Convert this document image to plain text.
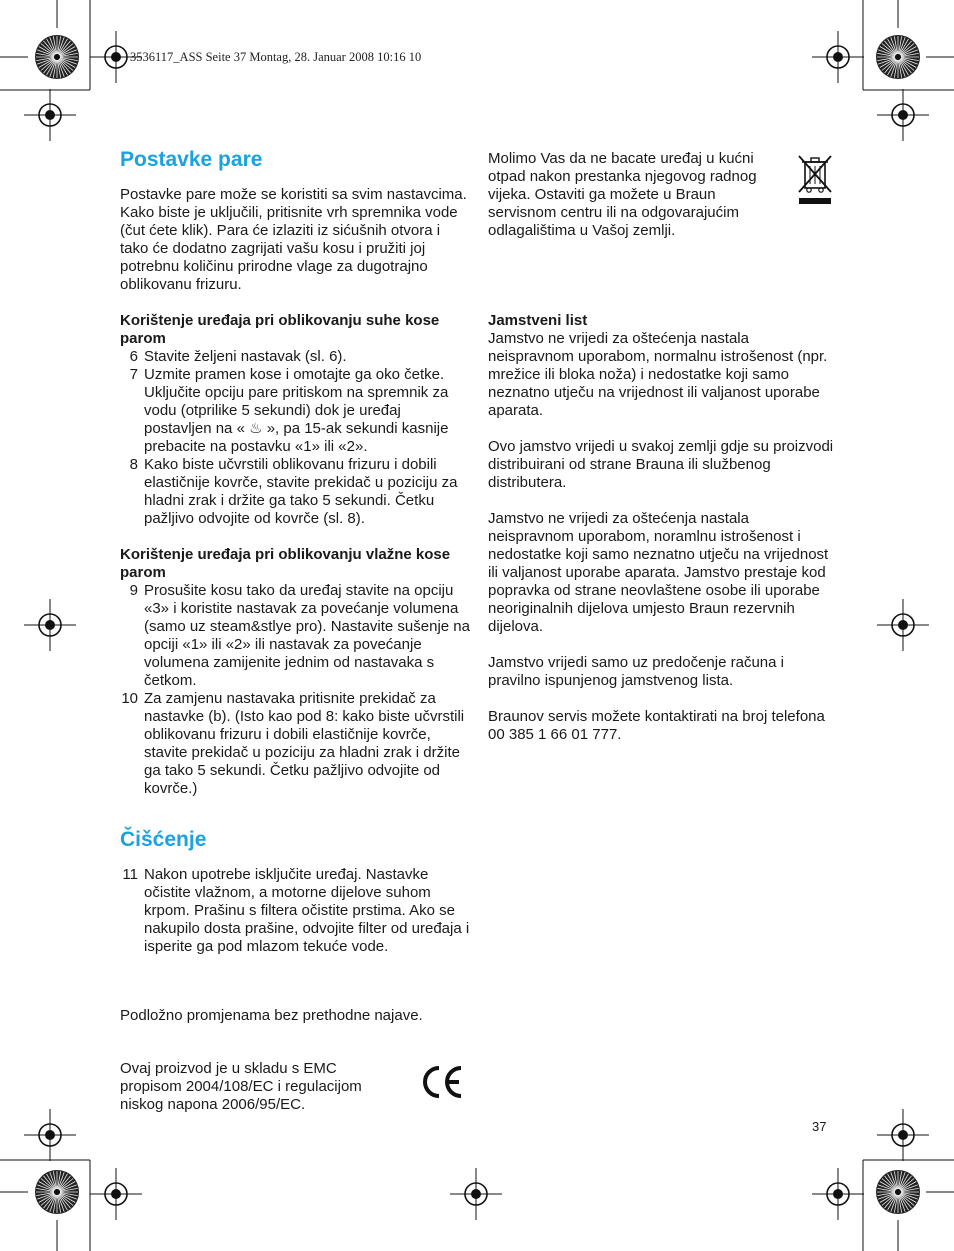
3536117_ASS Seite 37 Montag, 28. Januar 2008 10:16 10
Postavke pare

Postavke pare može se koristiti sa svim nastavcima. Kako biste je uključili, pritisnite vrh spremnika vode (čut ćete klik). Para će izlaziti iz sićušnih otvora i tako će dodatno zagrijati vašu kosu i pružiti joj potrebnu količinu prirodne vlage za dugotrajno oblikovanu frizuru.

Korištenje uređaja pri oblikovanju suhe kose parom

6 Stavite željeni nastavak (sl. 6).
7 Uzmite pramen kose i omotajte ga oko četke. Uključite opciju pare pritiskom na spremnik za vodu (otprilike 5 sekundi) dok je uređaj postavljen na « ♨ », pa 15-ak sekundi kasnije prebacite na postavku «1» ili «2».
8 Kako biste učvrstili oblikovanu frizuru i dobili elastičnije kovrče, stavite prekidač u poziciju za hladni zrak i držite ga tako 5 sekundi. Četku pažljivo odvojite od kovrče (sl. 8).

Korištenje uređaja pri oblikovanju vlažne kose parom

9 Prosušite kosu tako da uređaj stavite na opciju «3» i koristite nastavak za povećanje volumena (samo uz steam&stlye pro). Nastavite sušenje na opciji «1» ili «2» ili nastavak za povećanje volumena zamijenite jednim od nastavaka s četkom.
10 Za zamjenu nastavaka pritisnite prekidač za nastavke (b). (Isto kao pod 8: kako biste učvrstili oblikovanu frizuru i dobili elastičnije kovrče, stavite prekidač u poziciju za hladni zrak i držite ga tako 5 sekundi. Četku pažljivo odvojite od kovrče.)
Čišćenje
11 Nakon upotrebe isključite uređaj. Nastavke očistite vlažnom, a motorne dijelove suhom krpom. Prašinu s filtera očistite prstima. Ako se nakupilo dosta prašine, odvojite filter od uređaja i isperite ga pod mlazom tekuće vode.
Podložno promjenama bez prethodne najave.
Ovaj proizvod je u skladu s EMC propisom 2004/108/EC i regulacijom niskog napona 2006/95/EC.
Molimo Vas da ne bacate uređaj u kućni otpad nakon prestanka njegovog radnog vijeka. Ostaviti ga možete u Braun servisnom centru ili na odgovarajućim odlagalištima u Vašoj zemlji.

Jamstveni list

Jamstvo ne vrijedi za oštećenja nastala neispravnom uporabom, normalnu istrošenost (npr. mrežice ili bloka noža) i nedostatke koji samo neznatno utječu na vrijednost ili valjanost uporabe aparata.

Ovo jamstvo vrijedi u svakoj zemlji gdje su proizvodi distribuirani od strane Brauna ili službenog distributera.

Jamstvo ne vrijedi za oštećenja nastala neispravnom uporabom, noramlnu istrošenost i nedostatke koji samo neznatno utječu na vrijednost ili valjanost uporabe aparata. Jamstvo prestaje kod popravka od strane neovlaštene osobe ili uporabe neoriginalnih dijelova umjesto Braun rezervnih dijelova.

Jamstvo vrijedi samo uz predočenje računa i pravilno ispunjenog jamstvenog lista.

Braunov servis možete kontaktirati na broj telefona 00 385 1 66 01 777.

37
